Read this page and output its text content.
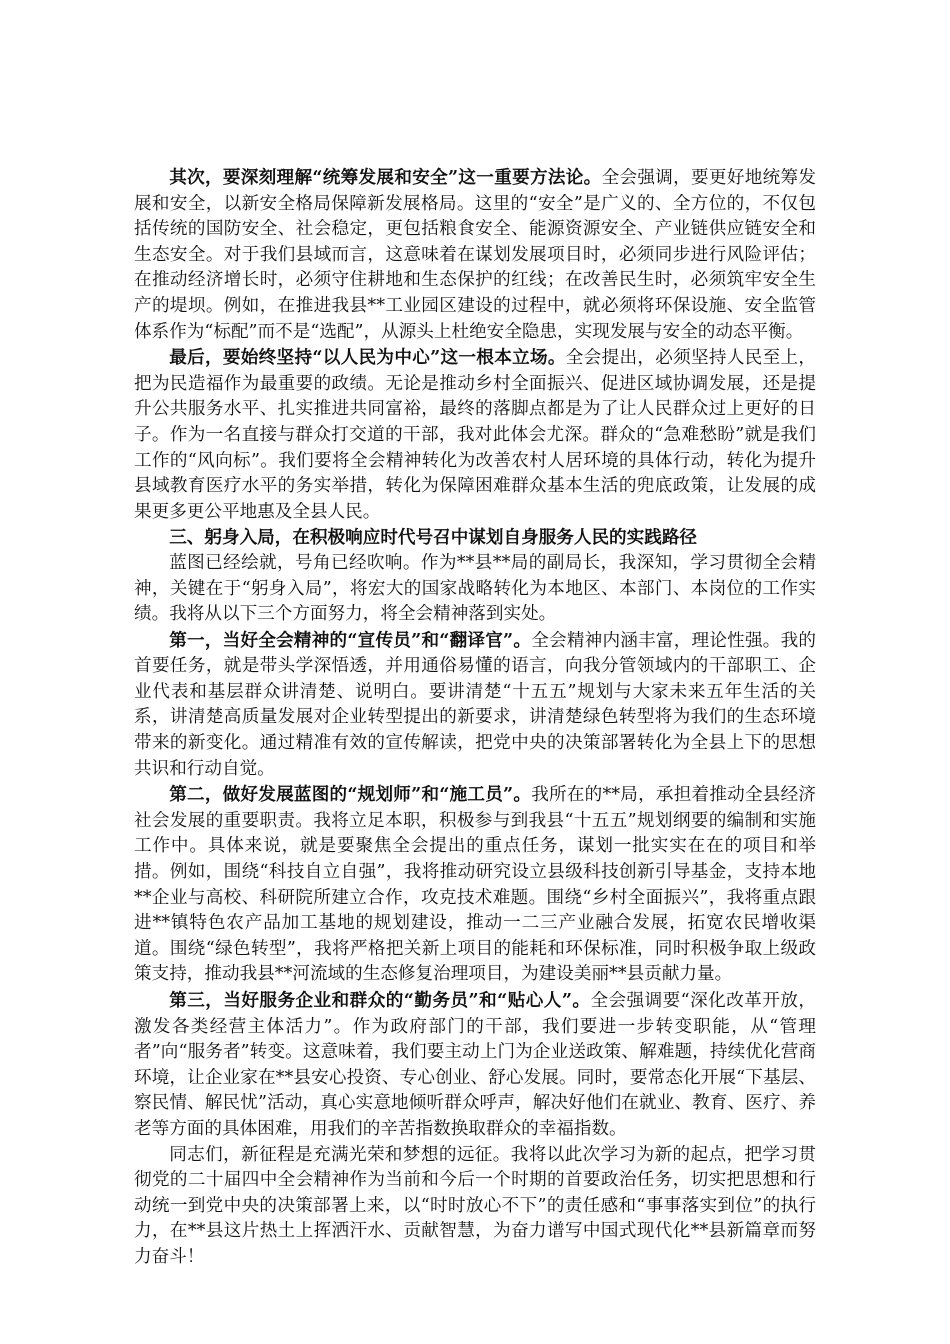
其次，要深刻理解“统筹发展和安全”这一重要方法论。全会强调，要更好地统筹发展和安全，以新安全格局保障新发展格局。这里的“安全”是广义的、全方位的，不仅包括传统的国防安全、社会稳定，更包括粮食安全、能源资源安全、产业链供应链安全和生态安全。对于我们县域而言，这意味着在谋划发展项目时，必须同步进行风险评估；在推动经济增长时，必须守住耕地和生态保护的红线；在改善民生时，必须筑牢安全生产的堤坝。例如，在推进我县**工业园区建设的过程中，就必须将环保设施、安全监管体系作为“标配”而不是“选配”，从源头上杜绝安全隐患，实现发展与安全的动态平衡。

最后，要始终坚持“以人民为中心”这一根本立场。全会提出，必须坚持人民至上，把为民造福作为最重要的政绩。无论是推动乡村全面振兴、促进区域协调发展，还是提升公共服务水平、扎实推进共同富裕，最终的落脚点都是为了让人民群众过上更好的日子。作为一名直接与群众打交道的干部，我对此体会尤深。群众的“急难愁盼”就是我们工作的“风向标”。我们要将全会精神转化为改善农村人居环境的具体行动，转化为提升县域教育医疗水平的务实举措，转化为保障困难群众基本生活的兜底政策，让发展的成果更多更公平地惠及全县人民。

三、躬身入局，在积极响应时代号召中谋划自身服务人民的实践路径

蓝图已经绘就，号角已经吹响。作为**县**局的副局长，我深知，学习贯彻全会精神，关键在于“躬身入局”，将宏大的国家战略转化为本地区、本部门、本岗位的工作实绩。我将从以下三个方面努力，将全会精神落到实处。

第一，当好全会精神的“宣传员”和“翻译官”。全会精神内涵丰富，理论性强。我的首要任务，就是带头学深悟透，并用通俗易懂的语言，向我分管领域内的干部职工、企业代表和基层群众讲清楚、说明白。要讲清楚“十五五”规划与大家未来五年生活的关系，讲清楚高质量发展对企业转型提出的新要求，讲清楚绿色转型将为我们的生态环境带来的新变化。通过精准有效的宣传解读，把党中央的决策部署转化为全县上下的思想共识和行动自觉。

第二，做好发展蓝图的“规划师”和“施工员”。我所在的**局，承担着推动全县经济社会发展的重要职责。我将立足本职，积极参与到我县“十五五”规划纲要的编制和实施工作中。具体来说，就是要聚焦全会提出的重点任务，谋划一批实实在在的项目和举措。例如，围绕“科技自立自强”，我将推动研究设立县级科技创新引导基金，支持本地**企业与高校、科研院所建立合作，攻克技术难题。围绕“乡村全面振兴”，我将重点跟进**镇特色农产品加工基地的规划建设，推动一二三产业融合发展，拓宽农民增收渠道。围绕“绿色转型”，我将严格把关新上项目的能耗和环保标准，同时积极争取上级政策支持，推动我县**河流域的生态修复治理项目，为建设美丽**县贡献力量。

第三，当好服务企业和群众的“勤务员”和“贴心人”。全会强调要“深化改革开放，激发各类经营主体活力”。作为政府部门的干部，我们要进一步转变职能，从“管理者”向“服务者”转变。这意味着，我们要主动上门为企业送政策、解难题，持续优化营商环境，让企业家在**县安心投资、专心创业、舒心发展。同时，要常态化开展“下基层、察民情、解民忧”活动，真心实意地倾听群众呼声，解决好他们在就业、教育、医疗、养老等方面的具体困难，用我们的辛苦指数换取群众的幸福指数。

同志们，新征程是充满光荣和梦想的远征。我将以此次学习为新的起点，把学习贯彻党的二十届四中全会精神作为当前和今后一个时期的首要政治任务，切实把思想和行动统一到党中央的决策部署上来，以“时时放心不下”的责任感和“事事落实到位”的执行力，在**县这片热土上挥洒汗水、贡献智慧，为奋力谱写中国式现代化**县新篇章而努力奋斗！
